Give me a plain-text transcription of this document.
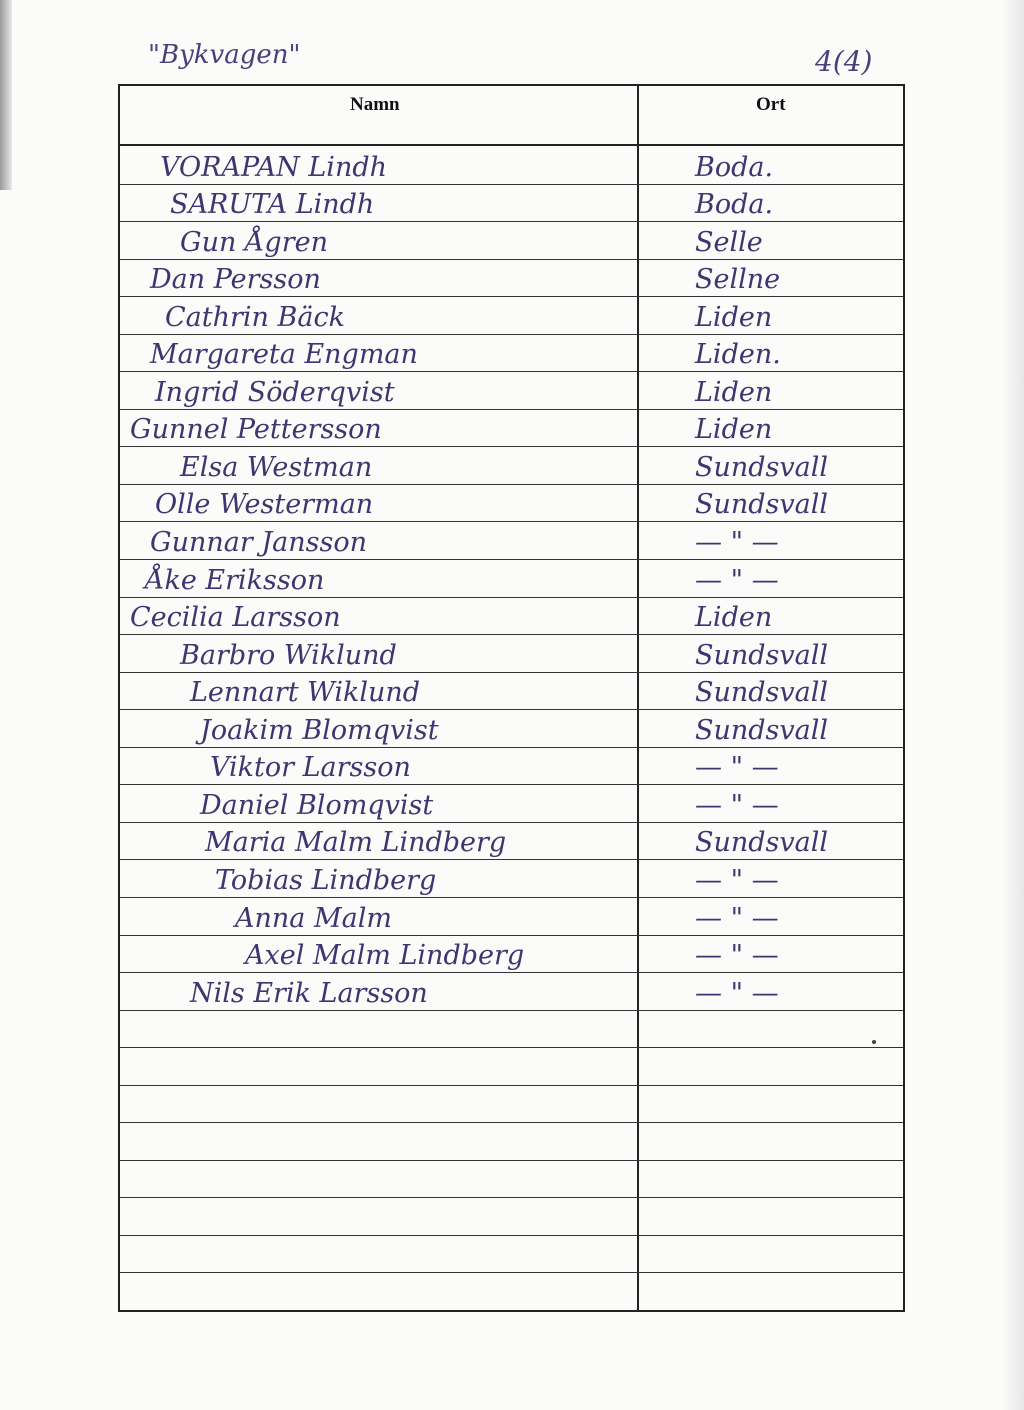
"Bykvagen"	4(4)
Namn	Ort
VORAPAN Lindh	Boda.
SARUTA Lindh	Boda.
Gun Ågren	Selle
Dan Persson	Sellne
Cathrin Bäck	Liden
Margareta Engman	Liden.
Ingrid Söderqvist	Liden
Gunnel Pettersson	Liden
Elsa Westman	Sundsvall
Olle Westerman	Sundsvall
Gunnar Jansson	— " —
Åke Eriksson	— " —
Cecilia Larsson	Liden
Barbro Wiklund	Sundsvall
Lennart Wiklund	Sundsvall
Joakim Blomqvist	Sundsvall
Viktor Larsson	— " —
Daniel Blomqvist	— " —
Maria Malm Lindberg	Sundsvall
Tobias Lindberg	— " —
Anna Malm	— " —
Axel Malm Lindberg	— " —
Nils Erik Larsson	— " —
